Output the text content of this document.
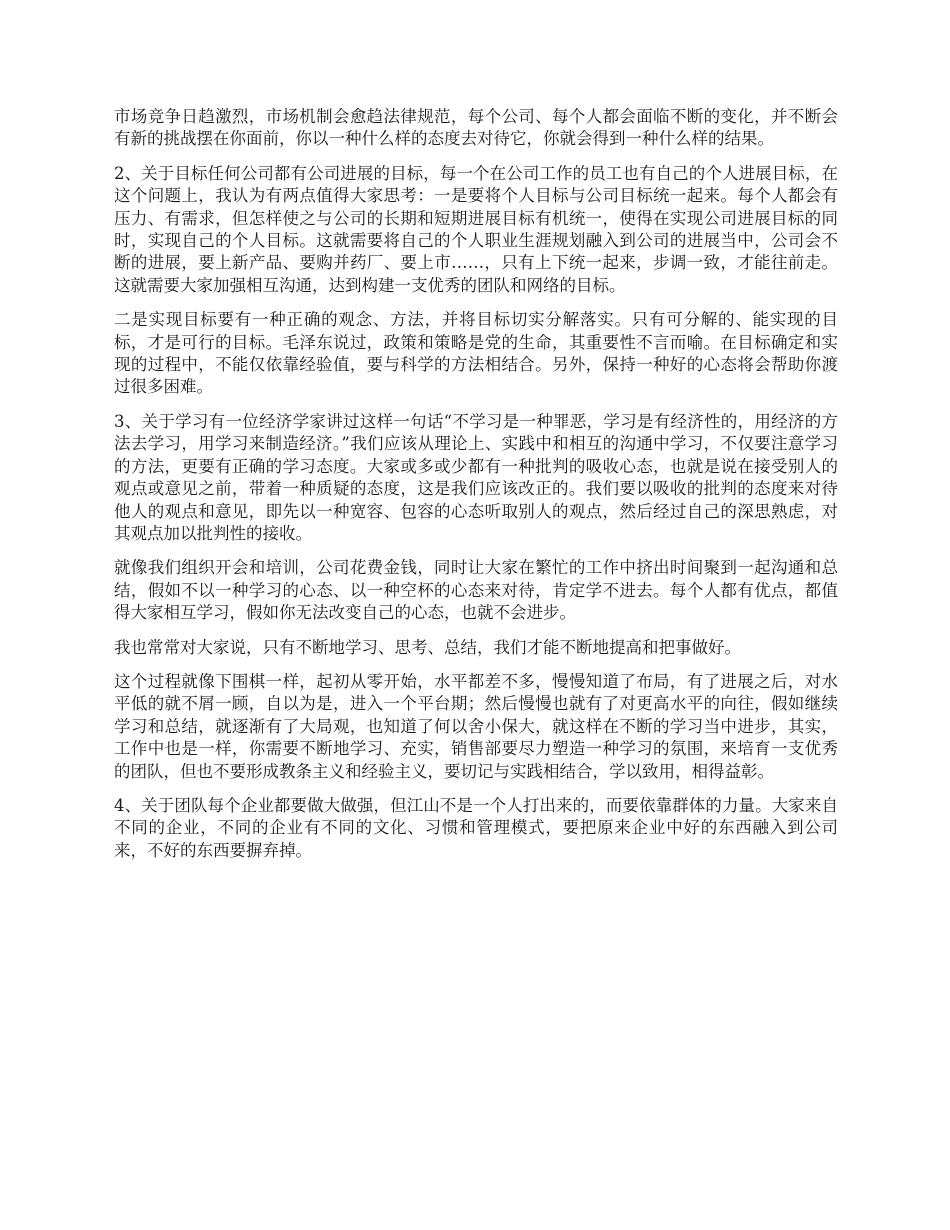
市场竞争日趋激烈，市场机制会愈趋法律规范，每个公司、每个人都会面临不断的变化，并不断会有新的挑战摆在你面前，你以一种什么样的态度去对待它，你就会得到一种什么样的结果。

2、关于目标任何公司都有公司进展的目标，每一个在公司工作的员工也有自己的个人进展目标，在这个问题上，我认为有两点值得大家思考：一是要将个人目标与公司目标统一起来。每个人都会有压力、有需求，但怎样使之与公司的长期和短期进展目标有机统一，使得在实现公司进展目标的同时，实现自己的个人目标。这就需要将自己的个人职业生涯规划融入到公司的进展当中，公司会不断的进展，要上新产品、要购并药厂、要上市……，只有上下统一起来，步调一致，才能往前走。这就需要大家加强相互沟通，达到构建一支优秀的团队和网络的目标。

二是实现目标要有一种正确的观念、方法，并将目标切实分解落实。只有可分解的、能实现的目标，才是可行的目标。毛泽东说过，政策和策略是党的生命，其重要性不言而喻。在目标确定和实现的过程中，不能仅依靠经验值，要与科学的方法相结合。另外，保持一种好的心态将会帮助你渡过很多困难。

3、关于学习有一位经济学家讲过这样一句话“不学习是一种罪恶，学习是有经济性的，用经济的方法去学习，用学习来制造经济。”我们应该从理论上、实践中和相互的沟通中学习，不仅要注意学习的方法，更要有正确的学习态度。大家或多或少都有一种批判的吸收心态，也就是说在接受别人的观点或意见之前，带着一种质疑的态度，这是我们应该改正的。我们要以吸收的批判的态度来对待他人的观点和意见，即先以一种宽容、包容的心态听取别人的观点，然后经过自己的深思熟虑，对其观点加以批判性的接收。

就像我们组织开会和培训，公司花费金钱，同时让大家在繁忙的工作中挤出时间聚到一起沟通和总结，假如不以一种学习的心态、以一种空杯的心态来对待，肯定学不进去。每个人都有优点，都值得大家相互学习，假如你无法改变自己的心态，也就不会进步。

我也常常对大家说，只有不断地学习、思考、总结，我们才能不断地提高和把事做好。

这个过程就像下围棋一样，起初从零开始，水平都差不多，慢慢知道了布局，有了进展之后，对水平低的就不屑一顾，自以为是，进入一个平台期；然后慢慢也就有了对更高水平的向往，假如继续学习和总结，就逐渐有了大局观，也知道了何以舍小保大，就这样在不断的学习当中进步，其实，工作中也是一样，你需要不断地学习、充实，销售部要尽力塑造一种学习的氛围，来培育一支优秀的团队，但也不要形成教条主义和经验主义，要切记与实践相结合，学以致用，相得益彰。

4、关于团队每个企业都要做大做强，但江山不是一个人打出来的，而要依靠群体的力量。大家来自不同的企业，不同的企业有不同的文化、习惯和管理模式，要把原来企业中好的东西融入到公司来，不好的东西要摒弃掉。
